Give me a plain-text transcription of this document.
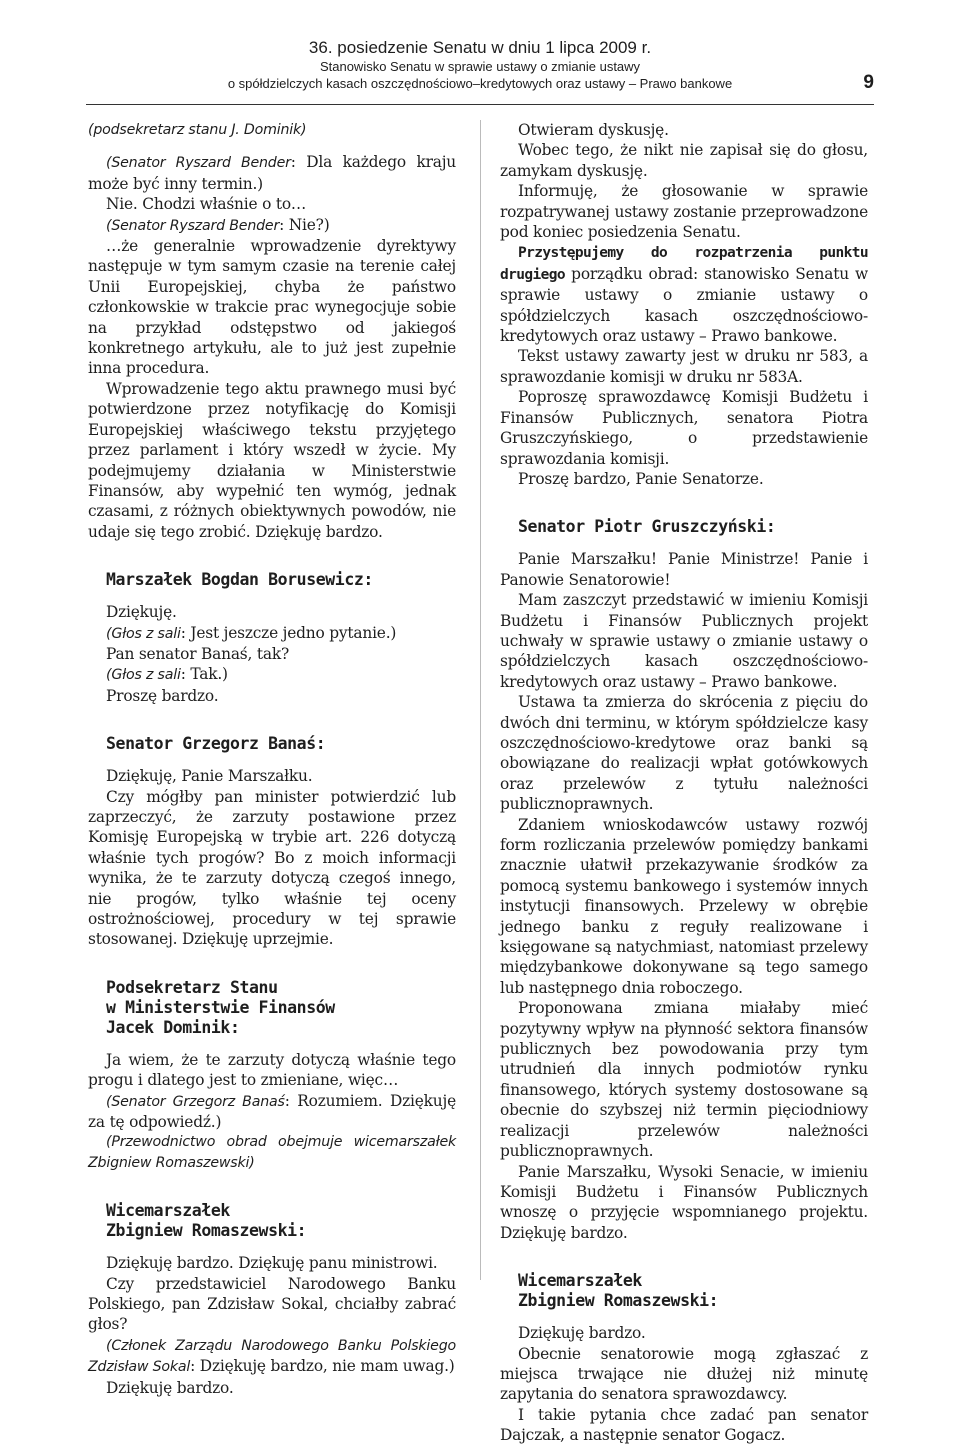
36. posiedzenie Senatu w dniu 1 lipca 2009 r.
Stanowisko Senatu w sprawie ustawy o zmianie ustawy
o spółdzielczych kasach oszczędnościowo–kredytowych oraz ustawy – Prawo bankowe	9

(podsekretarz stanu J. Dominik)

(Senator Ryszard Bender: Dla każdego kraju może być inny termin.)

Nie. Chodzi właśnie o to…

(Senator Ryszard Bender: Nie?)

…że generalnie wprowadzenie dyrektywy następuje w tym samym czasie na terenie całej Unii Europejskiej, chyba że państwo członkowskie w trakcie prac wynegocjuje sobie na przykład odstępstwo od jakiegoś konkretnego artykułu, ale to już jest zupełnie inna procedura.

Wprowadzenie tego aktu prawnego musi być potwierdzone przez notyfikację do Komisji Europejskiej właściwego tekstu przyjętego przez parlament i który wszedł w życie. My podejmujemy działania w Ministerstwie Finansów, aby wypełnić ten wymóg, jednak czasami, z różnych obiektywnych powodów, nie udaje się tego zrobić. Dziękuję bardzo.

Marszałek Bogdan Borusewicz:

Dziękuję.

(Głos z sali: Jest jeszcze jedno pytanie.)

Pan senator Banaś, tak?

(Głos z sali: Tak.)

Proszę bardzo.

Senator Grzegorz Banaś:

Dziękuję, Panie Marszałku.

Czy mógłby pan minister potwierdzić lub zaprzeczyć, że zarzuty postawione przez Komisję Europejską w trybie art. 226 dotyczą właśnie tych progów? Bo z moich informacji wynika, że te zarzuty dotyczą czegoś innego, nie progów, tylko właśnie tej oceny ostrożnościowej, procedury w tej sprawie stosowanej. Dziękuję uprzejmie.

Podsekretarz Stanu

w Ministerstwie Finansów

Jacek Dominik:

Ja wiem, że te zarzuty dotyczą właśnie tego progu i dlatego jest to zmieniane, więc…

(Senator Grzegorz Banaś: Rozumiem. Dziękuję za tę odpowiedź.)

(Przewodnictwo obrad obejmuje wicemarszałek Zbigniew Romaszewski)

Wicemarszałek

Zbigniew Romaszewski:

Dziękuję bardzo. Dziękuję panu ministrowi.

Czy przedstawiciel Narodowego Banku Polskiego, pan Zdzisław Sokal, chciałby zabrać głos?

(Członek Zarządu Narodowego Banku Polskiego Zdzisław Sokal: Dziękuję bardzo, nie mam uwag.)

Dziękuję bardzo.

Otwieram dyskusję.

Wobec tego, że nikt nie zapisał się do głosu, zamykam dyskusję.

Informuję, że głosowanie w sprawie rozpatrywanej ustawy zostanie przeprowadzone pod koniec posiedzenia Senatu.

Przystępujemy do rozpatrzenia punktu drugiego porządku obrad: stanowisko Senatu w sprawie ustawy o zmianie ustawy o spółdzielczych kasach oszczędnościowo-kredytowych oraz ustawy – Prawo bankowe.

Tekst ustawy zawarty jest w druku nr 583, a sprawozdanie komisji w druku nr 583A.

Poproszę sprawozdawcę Komisji Budżetu i Finansów Publicznych, senatora Piotra Gruszczyńskiego, o przedstawienie sprawozdania komisji.

Proszę bardzo, Panie Senatorze.

Senator Piotr Gruszczyński:

Panie Marszałku! Panie Ministrze! Panie i Panowie Senatorowie!

Mam zaszczyt przedstawić w imieniu Komisji Budżetu i Finansów Publicznych projekt uchwały w sprawie ustawy o zmianie ustawy o spółdzielczych kasach oszczędnościowo-kredytowych oraz ustawy – Prawo bankowe.

Ustawa ta zmierza do skrócenia z pięciu do dwóch dni terminu, w którym spółdzielcze kasy oszczędnościowo-kredytowe oraz banki są obowiązane do realizacji wpłat gotówkowych oraz przelewów z tytułu należności publicznoprawnych.

Zdaniem wnioskodawców ustawy rozwój form rozliczania przelewów pomiędzy bankami znacznie ułatwił przekazywanie środków za pomocą systemu bankowego i systemów innych instytucji finansowych. Przelewy w obrębie jednego banku z reguły realizowane i księgowane są natychmiast, natomiast przelewy międzybankowe dokonywane są tego samego lub następnego dnia roboczego.

Proponowana zmiana miałaby mieć pozytywny wpływ na płynność sektora finansów publicznych bez powodowania przy tym utrudnień dla innych podmiotów rynku finansowego, których systemy dostosowane są obecnie do szybszej niż termin pięciodniowy realizacji przelewów należności publicznoprawnych.

Panie Marszałku, Wysoki Senacie, w imieniu Komisji Budżetu i Finansów Publicznych wnoszę o przyjęcie wspomnianego projektu. Dziękuję bardzo.

Wicemarszałek

Zbigniew Romaszewski:

Dziękuję bardzo.

Obecnie senatorowie mogą zgłaszać z miejsca trwające nie dłużej niż minutę zapytania do senatora sprawozdawcy.

I takie pytania chce zadać pan senator Dajczak, a następnie senator Gogacz.
